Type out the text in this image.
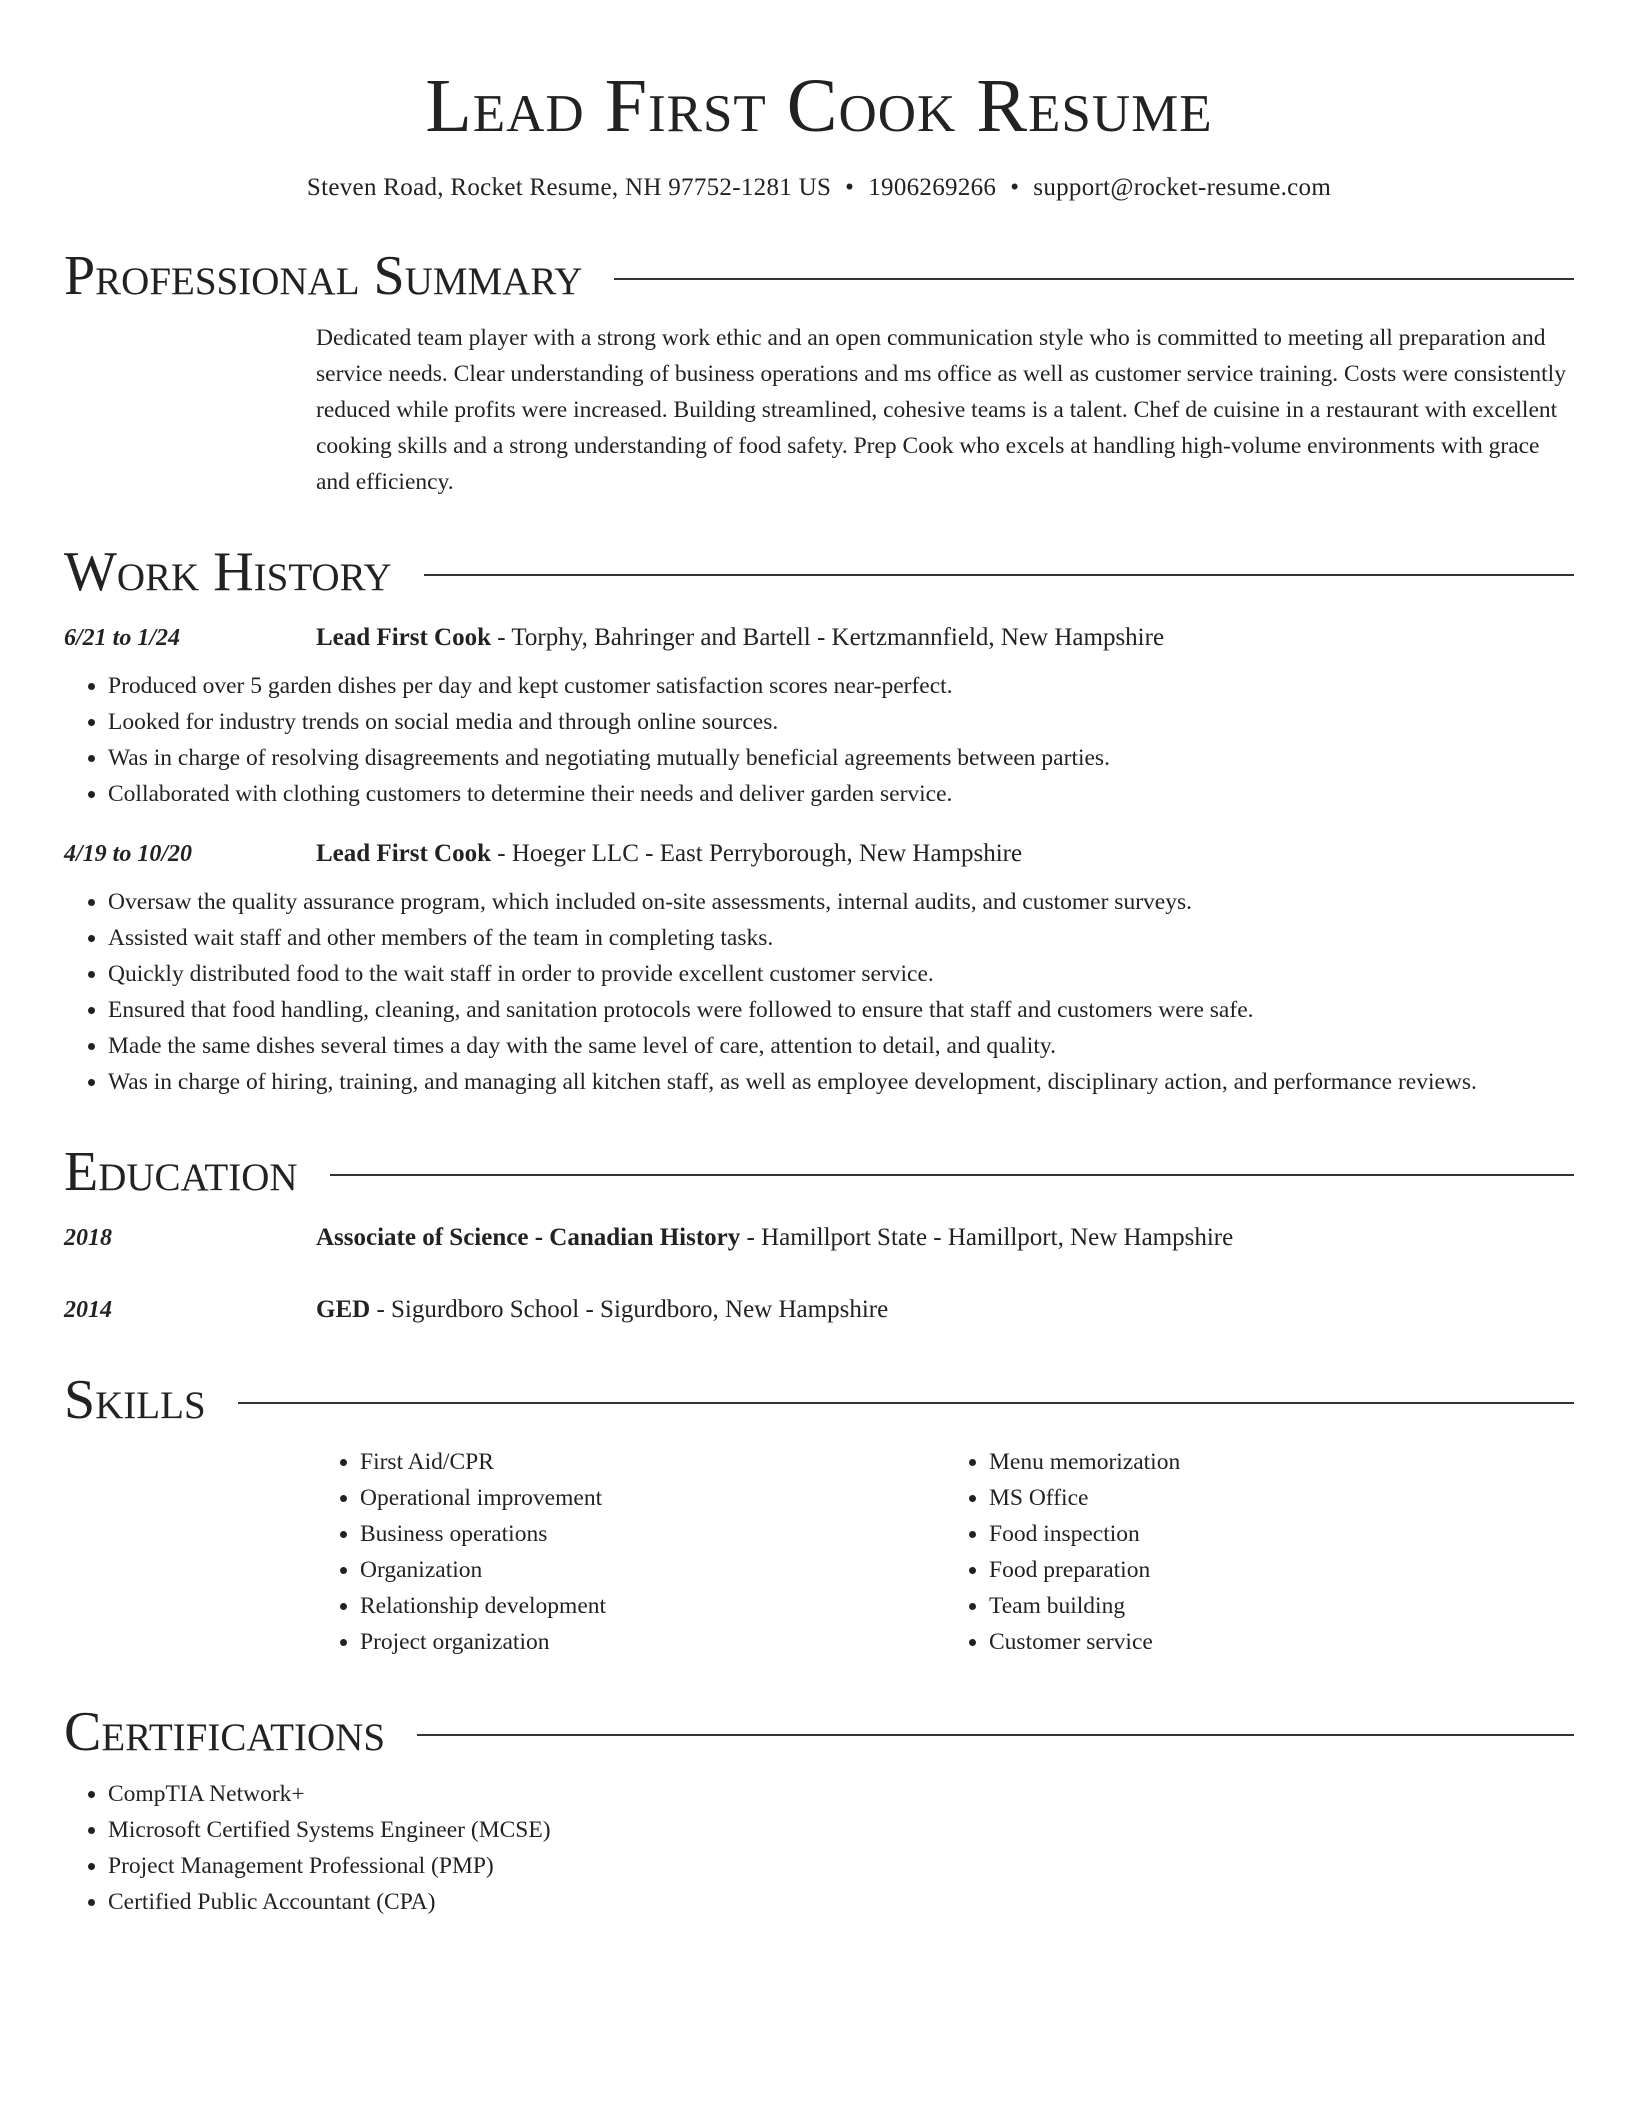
Lead First Cook Resume
Steven Road, Rocket Resume, NH 97752-1281 US • 1906269266 • support@rocket-resume.com
Professional Summary
Dedicated team player with a strong work ethic and an open communication style who is committed to meeting all preparation and service needs. Clear understanding of business operations and ms office as well as customer service training. Costs were consistently reduced while profits were increased. Building streamlined, cohesive teams is a talent. Chef de cuisine in a restaurant with excellent cooking skills and a strong understanding of food safety. Prep Cook who excels at handling high-volume environments with grace and efficiency.
Work History
6/21 to 1/24	Lead First Cook - Torphy, Bahringer and Bartell - Kertzmannfield, New Hampshire
• Produced over 5 garden dishes per day and kept customer satisfaction scores near-perfect.
• Looked for industry trends on social media and through online sources.
• Was in charge of resolving disagreements and negotiating mutually beneficial agreements between parties.
• Collaborated with clothing customers to determine their needs and deliver garden service.
4/19 to 10/20	Lead First Cook - Hoeger LLC - East Perryborough, New Hampshire
• Oversaw the quality assurance program, which included on-site assessments, internal audits, and customer surveys.
• Assisted wait staff and other members of the team in completing tasks.
• Quickly distributed food to the wait staff in order to provide excellent customer service.
• Ensured that food handling, cleaning, and sanitation protocols were followed to ensure that staff and customers were safe.
• Made the same dishes several times a day with the same level of care, attention to detail, and quality.
• Was in charge of hiring, training, and managing all kitchen staff, as well as employee development, disciplinary action, and performance reviews.
Education
2018	Associate of Science - Canadian History - Hamillport State - Hamillport, New Hampshire
2014	GED - Sigurdboro School - Sigurdboro, New Hampshire
Skills
• First Aid/CPR
• Operational improvement
• Business operations
• Organization
• Relationship development
• Project organization
• Menu memorization
• MS Office
• Food inspection
• Food preparation
• Team building
• Customer service
Certifications
• CompTIA Network+
• Microsoft Certified Systems Engineer (MCSE)
• Project Management Professional (PMP)
• Certified Public Accountant (CPA)
